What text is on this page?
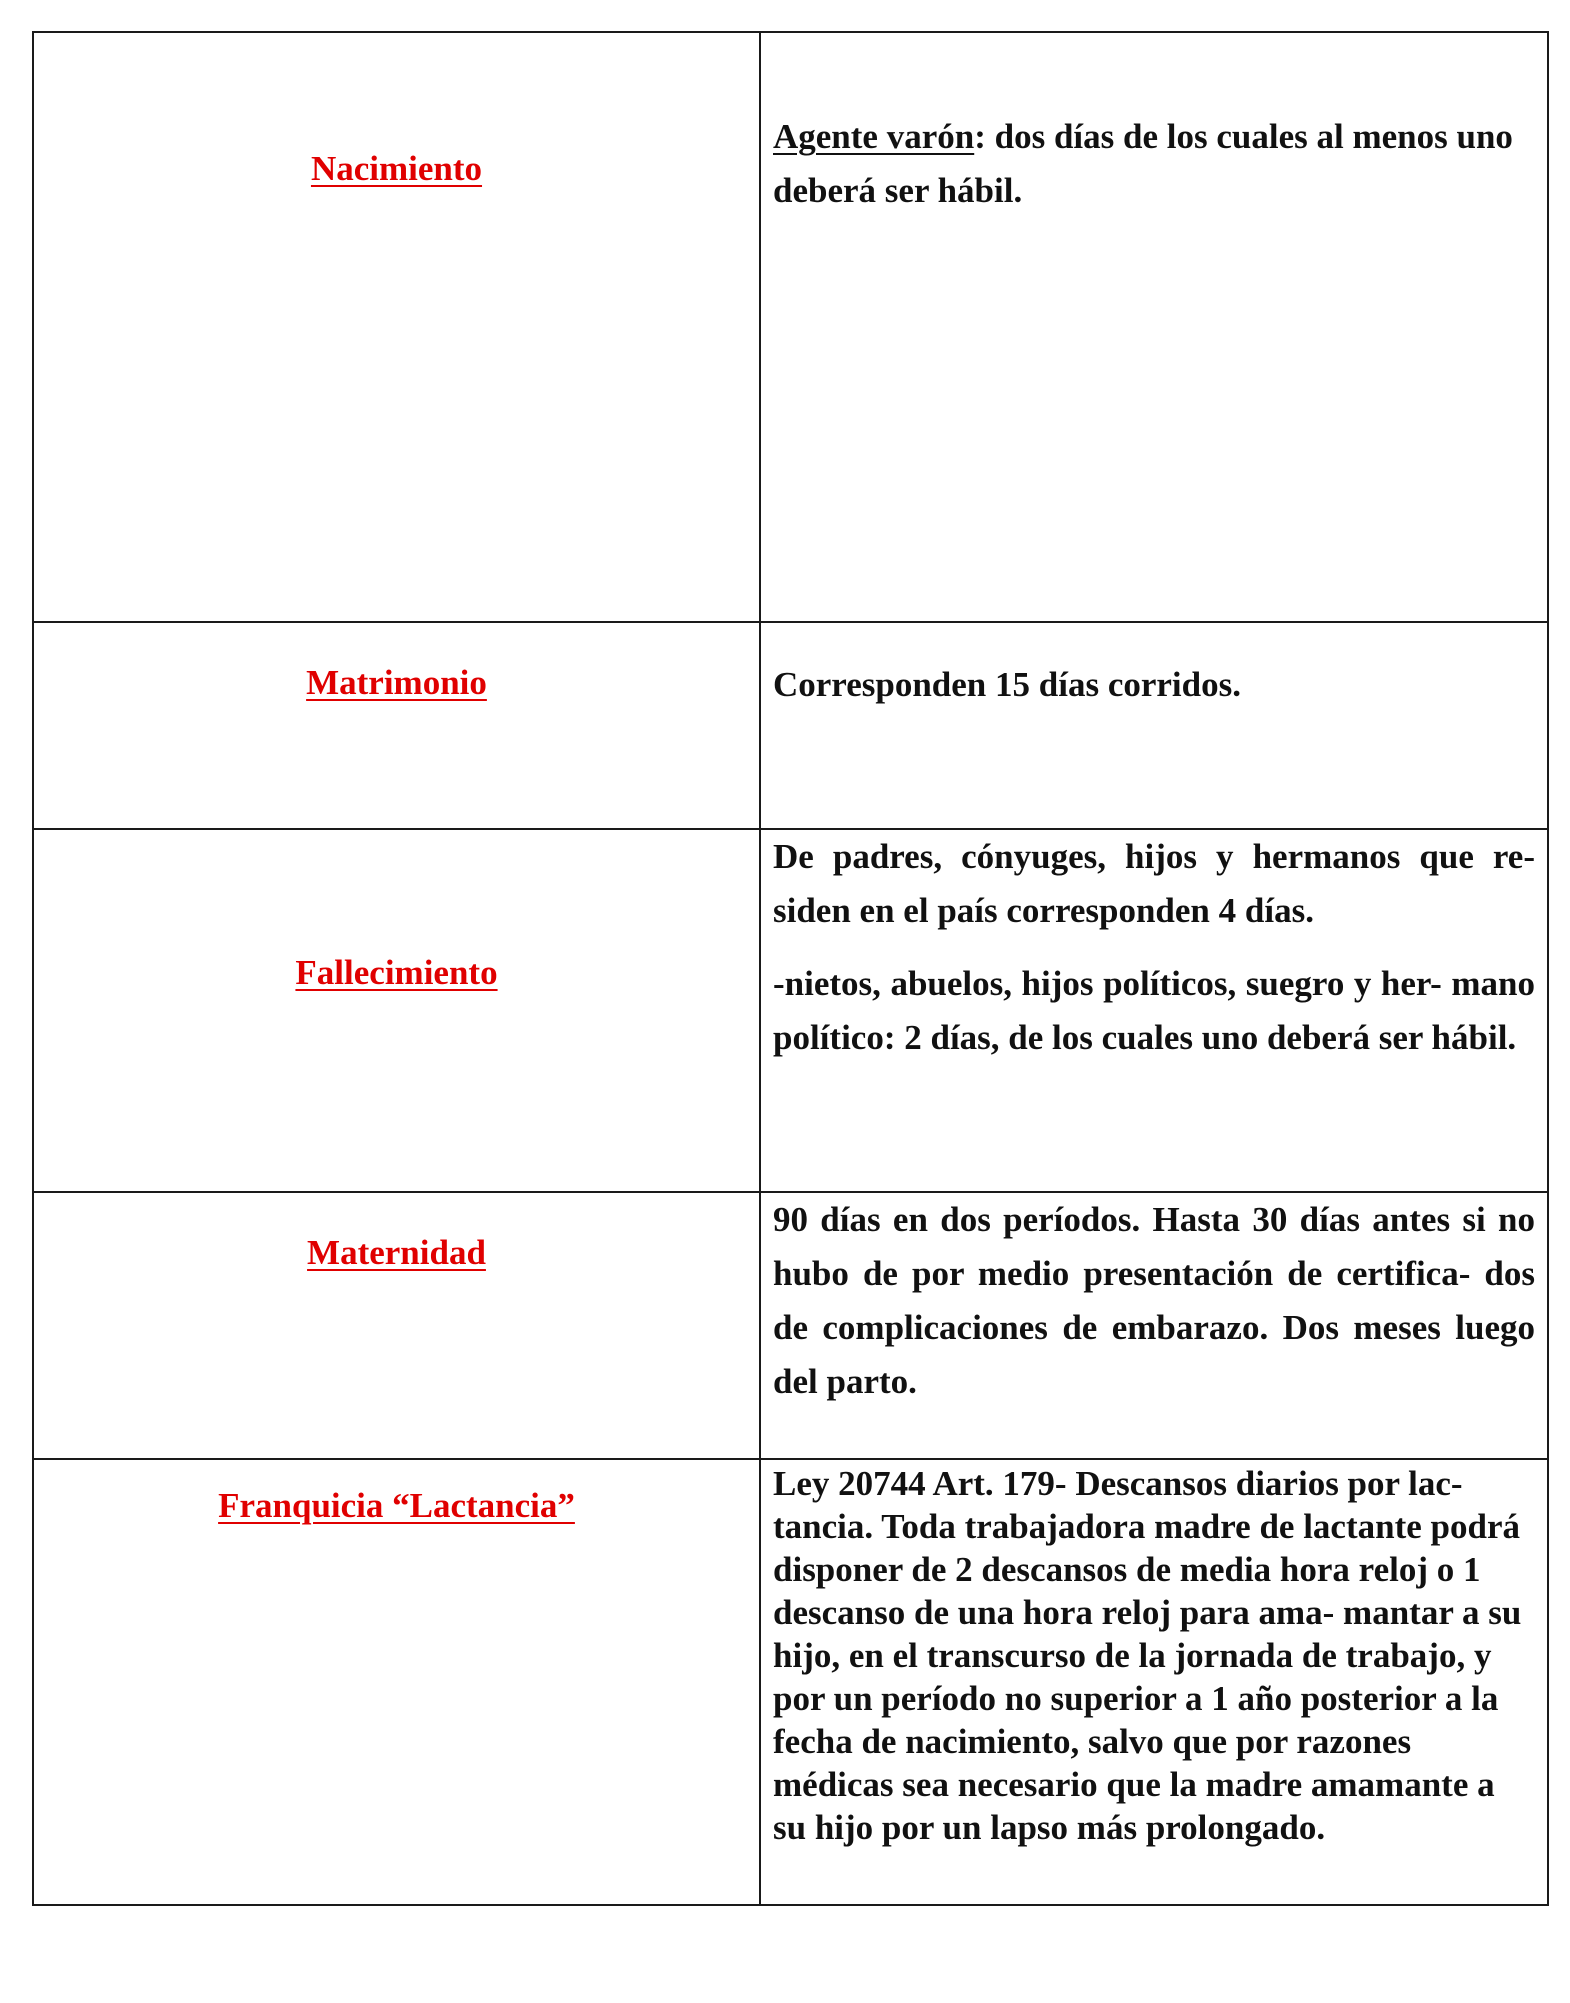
Nacimiento	Agente varón: dos días de los cuales al menos uno deberá ser hábil.

Matrimonio	Corresponden 15 días corridos.

Fallecimiento	De padres, cónyuges, hijos y hermanos que re- siden en el país corresponden 4 días.

-nietos, abuelos, hijos políticos, suegro y her- mano político: 2 días, de los cuales uno deberá ser hábil.

Maternidad	90 días en dos períodos. Hasta 30 días antes si no hubo de por medio presentación de certifica- dos de complicaciones de embarazo. Dos meses luego del parto.

Franquicia “Lactancia”	Ley 20744 Art. 179- Descansos diarios por lac- tancia. Toda trabajadora madre de lactante podrá disponer de 2 descansos de media hora reloj o 1 descanso de una hora reloj para ama- mantar a su hijo, en el transcurso de la jornada de trabajo, y por un período no superior a 1 año posterior a la fecha de nacimiento, salvo que por razones médicas sea necesario que la madre amamante a su hijo por un lapso más prolongado.
